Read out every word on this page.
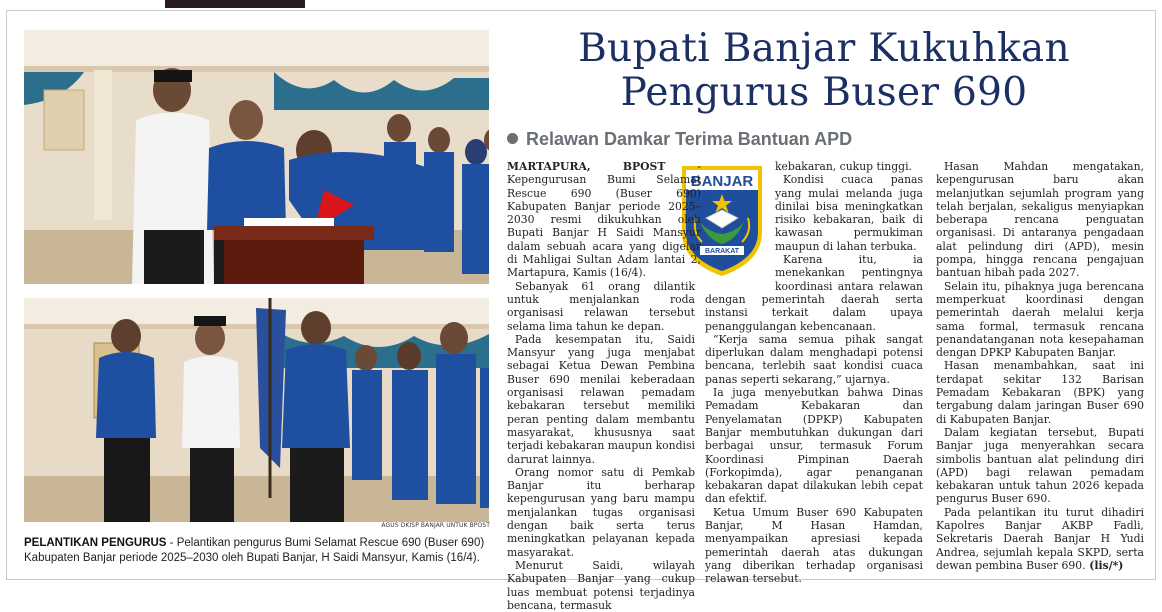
AGUS DKISP BANJAR UNTUK BPOST
PELANTIKAN PENGURUS - Pelantikan pengurus Bumi Selamat Rescue 690 (Buser 690) Kabupaten Banjar periode 2025–2030 oleh Bupati Banjar, H Saidi Mansyur, Kamis (16/4).
Bupati Banjar Kukuhkan
Pengurus Buser 690
Relawan Damkar Terima Bantuan APD
BANJAR
BARAKAT

MARTAPURA, BPOST - Kepengurusan Bumi Selamat Rescue 690 (Buser 690) Kabupaten Banjar periode 2025–2030 resmi dikukuhkan oleh Bupati Banjar H Saidi Mansyur dalam sebuah acara yang digelar di Mahligai Sultan Adam lantai 2, Martapura, Kamis (16/4).

Sebanyak 61 orang dilantik untuk menjalankan roda organisasi relawan tersebut selama lima tahun ke depan.

Pada kesempatan itu, Saidi Mansyur yang juga menjabat sebagai Ketua Dewan Pembina Buser 690 menilai keberadaan organisasi relawan pemadam kebakaran tersebut memiliki peran penting dalam membantu masyarakat, khususnya saat terjadi kebakaran maupun kondisi darurat lainnya.

Orang nomor satu di Pemkab Banjar itu berharap kepengurusan yang baru mampu menjalankan tugas organisasi dengan baik serta terus meningkatkan pelayanan kepada masyarakat.

Menurut Saidi, wilayah Kabupaten Banjar yang cukup luas membuat potensi terjadinya bencana, termasuk

kebakaran, cukup tinggi.

Kondisi cuaca panas yang mulai melanda juga dinilai bisa meningkatkan risiko kebakaran, baik di kawasan permukiman maupun di lahan terbuka.

Karena itu, ia menekankan pentingnya koordinasi antara relawan dengan pemerintah daerah serta instansi terkait dalam upaya penanggulangan kebencanaan.

“Kerja sama semua pihak sangat diperlukan dalam menghadapi potensi bencana, terlebih saat kondisi cuaca panas seperti sekarang,” ujarnya.

Ia juga menyebutkan bahwa Dinas Pemadam Kebakaran dan Penyelamatan (DPKP) Kabupaten Banjar membutuhkan dukungan dari berbagai unsur, termasuk Forum Koordinasi Pimpinan Daerah (Forkopimda), agar penanganan kebakaran dapat dilakukan lebih cepat dan efektif.

Ketua Umum Buser 690 Kabupaten Banjar, M Hasan Hamdan, menyampaikan apresiasi kepada pemerintah daerah atas dukungan yang diberikan terhadap organisasi relawan tersebut.

Hasan Mahdan mengatakan, kepengurusan baru akan melanjutkan sejumlah program yang telah berjalan, sekaligus menyiapkan beberapa rencana penguatan organisasi. Di antaranya pengadaan alat pelindung diri (APD), mesin pompa, hingga rencana pengajuan bantuan hibah pada 2027.

Selain itu, pihaknya juga berencana memperkuat koordinasi dengan pemerintah daerah melalui kerja sama formal, termasuk rencana penandatanganan nota kesepahaman dengan DPKP Kabupaten Banjar.

Hasan menambahkan, saat ini terdapat sekitar 132 Barisan Pemadam Kebakaran (BPK) yang tergabung dalam jaringan Buser 690 di Kabupaten Banjar.

Dalam kegiatan tersebut, Bupati Banjar juga menyerahkan secara simbolis bantuan alat pelindung diri (APD) bagi relawan pemadam kebakaran untuk tahun 2026 kepada pengurus Buser 690.

Pada pelantikan itu turut dihadiri Kapolres Banjar AKBP Fadli, Sekretaris Daerah Banjar H Yudi Andrea, sejumlah kepala SKPD, serta dewan pembina Buser 690. (lis/*)
